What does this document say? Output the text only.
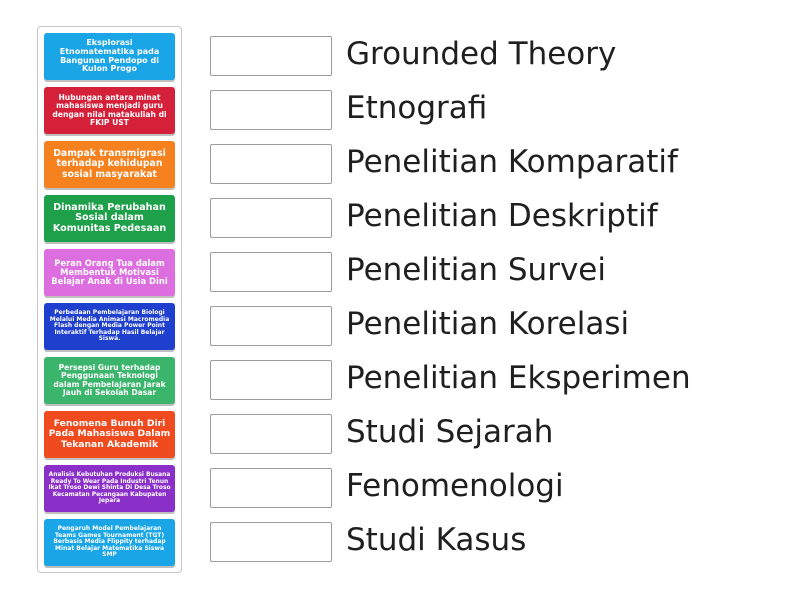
Eksplorasi Etnomatematika pada Bangunan Pendopo di Kulon Progo
Hubungan antara minat mahasiswa menjadi guru dengan nilai matakuliah di FKIP UST
Dampak transmigrasi terhadap kehidupan sosial masyarakat
Dinamika Perubahan Sosial dalam Komunitas Pedesaan
Peran Orang Tua dalam Membentuk Motivasi Belajar Anak di Usia Dini
Perbedaan Pembelajaran Biologi Melalui Media Animasi Macromedia Flash dengan Media Power Point Interaktif Terhadap Hasil Belajar Siswa.
Persepsi Guru terhadap Penggunaan Teknologi dalam Pembelajaran Jarak Jauh di Sekolah Dasar
Fenomena Bunuh Diri Pada Mahasiswa Dalam Tekanan Akademik
Analisis Kebutuhan Produksi Busana Ready To Wear Pada Industri Tenun Ikat Troso Dewi Shinta Di Desa Troso Kecamatan Pecangaan Kabupaten Jepara
Pengaruh Model Pembelajaran Teams Games Tournament (TGT) Berbasis Media Flippity terhadap Minat Belajar Matematika Siswa SMP
Grounded Theory
Etnografi
Penelitian Komparatif
Penelitian Deskriptif
Penelitian Survei
Penelitian Korelasi
Penelitian Eksperimen
Studi Sejarah
Fenomenologi
Studi Kasus
